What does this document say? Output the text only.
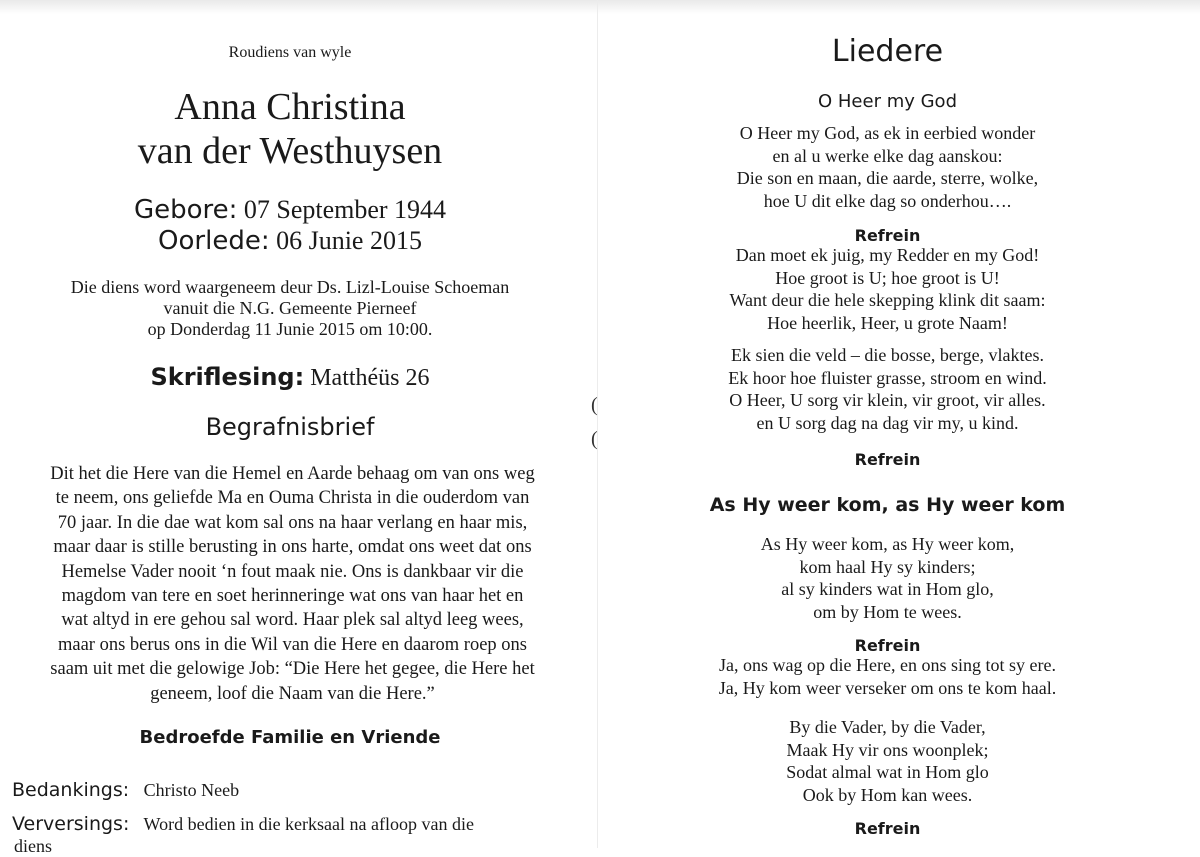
Roudiens van wyle
Anna Christina
van der Westhuysen
Gebore: 07 September 1944
Oorlede: 06 Junie 2015
Die diens word waargeneem deur Ds. Lizl-Louise Schoeman
vanuit die N.G. Gemeente Pierneef
op Donderdag 11 Junie 2015 om 10:00.
Skriflesing: Matthéüs 26
Begrafnisbrief
Dit het die Here van die Hemel en Aarde behaag om van ons weg
te neem, ons geliefde Ma en Ouma Christa in die ouderdom van
70 jaar. In die dae wat kom sal ons na haar verlang en haar mis,
maar daar is stille berusting in ons harte, omdat ons weet dat ons
Hemelse Vader nooit ‘n fout maak nie. Ons is dankbaar vir die
magdom van tere en soet herinneringe wat ons van haar het en
wat altyd in ere gehou sal word. Haar plek sal altyd leeg wees,
maar ons berus ons in die Wil van die Here en daarom roep ons
saam uit met die gelowige Job: “Die Here het gegee, die Here het
geneem, loof die Naam van die Here.”
Bedroefde Familie en Vriende
Bedankings: Christo Neeb
Verversings: Word bedien in die kerksaal na afloop van die
diens
Liedere
O Heer my God
O Heer my God, as ek in eerbied wonder
en al u werke elke dag aanskou:
Die son en maan, die aarde, sterre, wolke,
hoe U dit elke dag so onderhou….
Refrein
Dan moet ek juig, my Redder en my God!
Hoe groot is U; hoe groot is U!
Want deur die hele skepping klink dit saam:
Hoe heerlik, Heer, u grote Naam!
Ek sien die veld – die bosse, berge, vlaktes.
Ek hoor hoe fluister grasse, stroom en wind.
O Heer, U sorg vir klein, vir groot, vir alles.
en U sorg dag na dag vir my, u kind.
Refrein
As Hy weer kom, as Hy weer kom
As Hy weer kom, as Hy weer kom,
kom haal Hy sy kinders;
al sy kinders wat in Hom glo,
om by Hom te wees.
Refrein
Ja, ons wag op die Here, en ons sing tot sy ere.
Ja, Hy kom weer verseker om ons te kom haal.
By die Vader, by die Vader,
Maak Hy vir ons woonplek;
Sodat almal wat in Hom glo
Ook by Hom kan wees.
Refrein
(
(
